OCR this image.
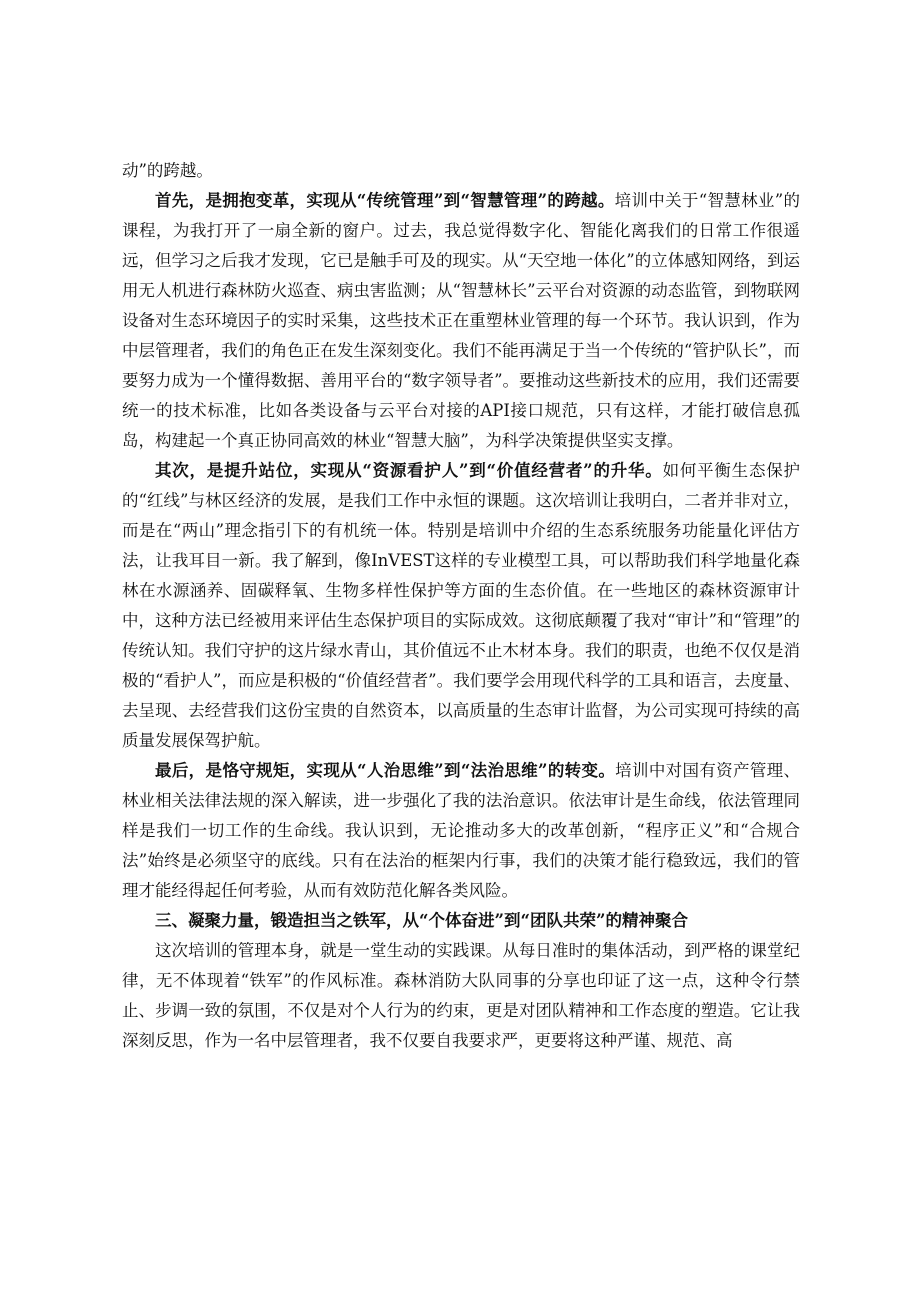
动”的跨越。

首先，是拥抱变革，实现从“传统管理”到“智慧管理”的跨越。培训中关于“智慧林业”的课程，为我打开了一扇全新的窗户。过去，我总觉得数字化、智能化离我们的日常工作很遥远，但学习之后我才发现，它已是触手可及的现实。从“天空地一体化”的立体感知网络，到运用无人机进行森林防火巡查、病虫害监测；从“智慧林长”云平台对资源的动态监管，到物联网设备对生态环境因子的实时采集，这些技术正在重塑林业管理的每一个环节。我认识到，作为中层管理者，我们的角色正在发生深刻变化。我们不能再满足于当一个传统的“管护队长”，而要努力成为一个懂得数据、善用平台的“数字领导者”。要推动这些新技术的应用，我们还需要统一的技术标准，比如各类设备与云平台对接的API接口规范，只有这样，才能打破信息孤岛，构建起一个真正协同高效的林业“智慧大脑”，为科学决策提供坚实支撑。

其次，是提升站位，实现从“资源看护人”到“价值经营者”的升华。如何平衡生态保护的“红线”与林区经济的发展，是我们工作中永恒的课题。这次培训让我明白，二者并非对立，而是在“两山”理念指引下的有机统一体。特别是培训中介绍的生态系统服务功能量化评估方法，让我耳目一新。我了解到，像InVEST这样的专业模型工具，可以帮助我们科学地量化森林在水源涵养、固碳释氧、生物多样性保护等方面的生态价值。在一些地区的森林资源审计中，这种方法已经被用来评估生态保护项目的实际成效。这彻底颠覆了我对“审计”和“管理”的传统认知。我们守护的这片绿水青山，其价值远不止木材本身。我们的职责，也绝不仅仅是消极的“看护人”，而应是积极的“价值经营者”。我们要学会用现代科学的工具和语言，去度量、去呈现、去经营我们这份宝贵的自然资本，以高质量的生态审计监督，为公司实现可持续的高质量发展保驾护航。

最后，是恪守规矩，实现从“人治思维”到“法治思维”的转变。培训中对国有资产管理、林业相关法律法规的深入解读，进一步强化了我的法治意识。依法审计是生命线，依法管理同样是我们一切工作的生命线。我认识到，无论推动多大的改革创新，“程序正义”和“合规合法”始终是必须坚守的底线。只有在法治的框架内行事，我们的决策才能行稳致远，我们的管理才能经得起任何考验，从而有效防范化解各类风险。

三、凝聚力量，锻造担当之铁军，从“个体奋进”到“团队共荣”的精神聚合

这次培训的管理本身，就是一堂生动的实践课。从每日准时的集体活动，到严格的课堂纪律，无不体现着“铁军”的作风标准。森林消防大队同事的分享也印证了这一点，这种令行禁止、步调一致的氛围，不仅是对个人行为的约束，更是对团队精神和工作态度的塑造。它让我深刻反思，作为一名中层管理者，我不仅要自我要求严，更要将这种严谨、规范、高
